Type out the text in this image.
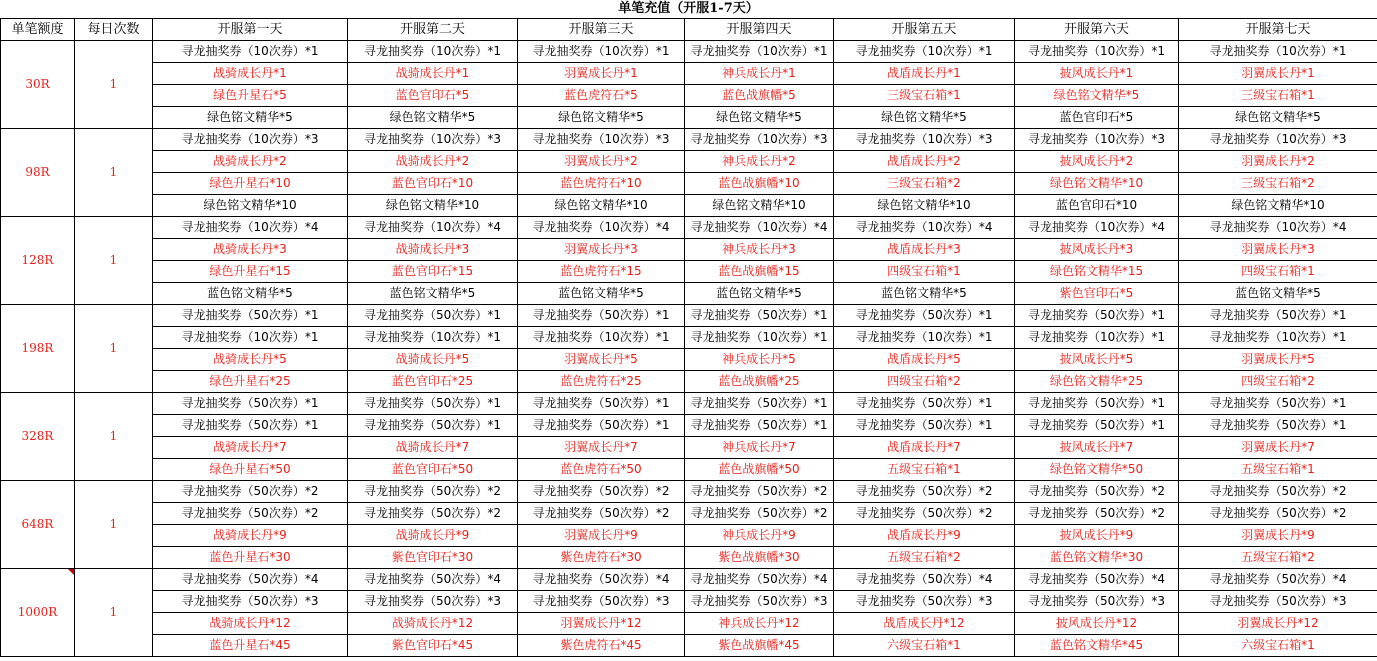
单笔充值（开服1-7天）
单笔额度	每日次数	开服第一天	开服第二天	开服第三天	开服第四天	开服第五天	开服第六天	开服第七天
30R	1	寻龙抽奖券（10次券）*1	寻龙抽奖券（10次券）*1	寻龙抽奖券（10次券）*1	寻龙抽奖券（10次券）*1	寻龙抽奖券（10次券）*1	寻龙抽奖券（10次券）*1	寻龙抽奖券（10次券）*1
		战骑成长丹*1	战骑成长丹*1	羽翼成长丹*1	神兵成长丹*1	战盾成长丹*1	披风成长丹*1	羽翼成长丹*1
		绿色升星石*5	蓝色官印石*5	蓝色虎符石*5	蓝色战旗幡*5	三级宝石箱*1	绿色铭文精华*5	三级宝石箱*1
		绿色铭文精华*5	绿色铭文精华*5	绿色铭文精华*5	绿色铭文精华*5	绿色铭文精华*5	蓝色官印石*5	绿色铭文精华*5
98R	1	寻龙抽奖券（10次券）*3	寻龙抽奖券（10次券）*3	寻龙抽奖券（10次券）*3	寻龙抽奖券（10次券）*3	寻龙抽奖券（10次券）*3	寻龙抽奖券（10次券）*3	寻龙抽奖券（10次券）*3
		战骑成长丹*2	战骑成长丹*2	羽翼成长丹*2	神兵成长丹*2	战盾成长丹*2	披风成长丹*2	羽翼成长丹*2
		绿色升星石*10	蓝色官印石*10	蓝色虎符石*10	蓝色战旗幡*10	三级宝石箱*2	绿色铭文精华*10	三级宝石箱*2
		绿色铭文精华*10	绿色铭文精华*10	绿色铭文精华*10	绿色铭文精华*10	绿色铭文精华*10	蓝色官印石*10	绿色铭文精华*10
128R	1	寻龙抽奖券（10次券）*4	寻龙抽奖券（10次券）*4	寻龙抽奖券（10次券）*4	寻龙抽奖券（10次券）*4	寻龙抽奖券（10次券）*4	寻龙抽奖券（10次券）*4	寻龙抽奖券（10次券）*4
		战骑成长丹*3	战骑成长丹*3	羽翼成长丹*3	神兵成长丹*3	战盾成长丹*3	披风成长丹*3	羽翼成长丹*3
		绿色升星石*15	蓝色官印石*15	蓝色虎符石*15	蓝色战旗幡*15	四级宝石箱*1	绿色铭文精华*15	四级宝石箱*1
		蓝色铭文精华*5	蓝色铭文精华*5	蓝色铭文精华*5	蓝色铭文精华*5	蓝色铭文精华*5	紫色官印石*5	蓝色铭文精华*5
198R	1	寻龙抽奖券（50次券）*1	寻龙抽奖券（50次券）*1	寻龙抽奖券（50次券）*1	寻龙抽奖券（50次券）*1	寻龙抽奖券（50次券）*1	寻龙抽奖券（50次券）*1	寻龙抽奖券（50次券）*1
		寻龙抽奖券（10次券）*1	寻龙抽奖券（10次券）*1	寻龙抽奖券（10次券）*1	寻龙抽奖券（10次券）*1	寻龙抽奖券（10次券）*1	寻龙抽奖券（10次券）*1	寻龙抽奖券（10次券）*1
		战骑成长丹*5	战骑成长丹*5	羽翼成长丹*5	神兵成长丹*5	战盾成长丹*5	披风成长丹*5	羽翼成长丹*5
		绿色升星石*25	蓝色官印石*25	蓝色虎符石*25	蓝色战旗幡*25	四级宝石箱*2	绿色铭文精华*25	四级宝石箱*2
328R	1	寻龙抽奖券（50次券）*1	寻龙抽奖券（50次券）*1	寻龙抽奖券（50次券）*1	寻龙抽奖券（50次券）*1	寻龙抽奖券（50次券）*1	寻龙抽奖券（50次券）*1	寻龙抽奖券（50次券）*1
		寻龙抽奖券（50次券）*1	寻龙抽奖券（50次券）*1	寻龙抽奖券（50次券）*1	寻龙抽奖券（50次券）*1	寻龙抽奖券（50次券）*1	寻龙抽奖券（50次券）*1	寻龙抽奖券（50次券）*1
		战骑成长丹*7	战骑成长丹*7	羽翼成长丹*7	神兵成长丹*7	战盾成长丹*7	披风成长丹*7	羽翼成长丹*7
		绿色升星石*50	蓝色官印石*50	蓝色虎符石*50	蓝色战旗幡*50	五级宝石箱*1	绿色铭文精华*50	五级宝石箱*1
648R	1	寻龙抽奖券（50次券）*2	寻龙抽奖券（50次券）*2	寻龙抽奖券（50次券）*2	寻龙抽奖券（50次券）*2	寻龙抽奖券（50次券）*2	寻龙抽奖券（50次券）*2	寻龙抽奖券（50次券）*2
		寻龙抽奖券（50次券）*2	寻龙抽奖券（50次券）*2	寻龙抽奖券（50次券）*2	寻龙抽奖券（50次券）*2	寻龙抽奖券（50次券）*2	寻龙抽奖券（50次券）*2	寻龙抽奖券（50次券）*2
		战骑成长丹*9	战骑成长丹*9	羽翼成长丹*9	神兵成长丹*9	战盾成长丹*9	披风成长丹*9	羽翼成长丹*9
		蓝色升星石*30	紫色官印石*30	紫色虎符石*30	紫色战旗幡*30	五级宝石箱*2	蓝色铭文精华*30	五级宝石箱*2
1000R	1	寻龙抽奖券（50次券）*4	寻龙抽奖券（50次券）*4	寻龙抽奖券（50次券）*4	寻龙抽奖券（50次券）*4	寻龙抽奖券（50次券）*4	寻龙抽奖券（50次券）*4	寻龙抽奖券（50次券）*4
		寻龙抽奖券（50次券）*3	寻龙抽奖券（50次券）*3	寻龙抽奖券（50次券）*3	寻龙抽奖券（50次券）*3	寻龙抽奖券（50次券）*3	寻龙抽奖券（50次券）*3	寻龙抽奖券（50次券）*3
		战骑成长丹*12	战骑成长丹*12	羽翼成长丹*12	神兵成长丹*12	战盾成长丹*12	披风成长丹*12	羽翼成长丹*12
		蓝色升星石*45	紫色官印石*45	紫色虎符石*45	紫色战旗幡*45	六级宝石箱*1	蓝色铭文精华*45	六级宝石箱*1
